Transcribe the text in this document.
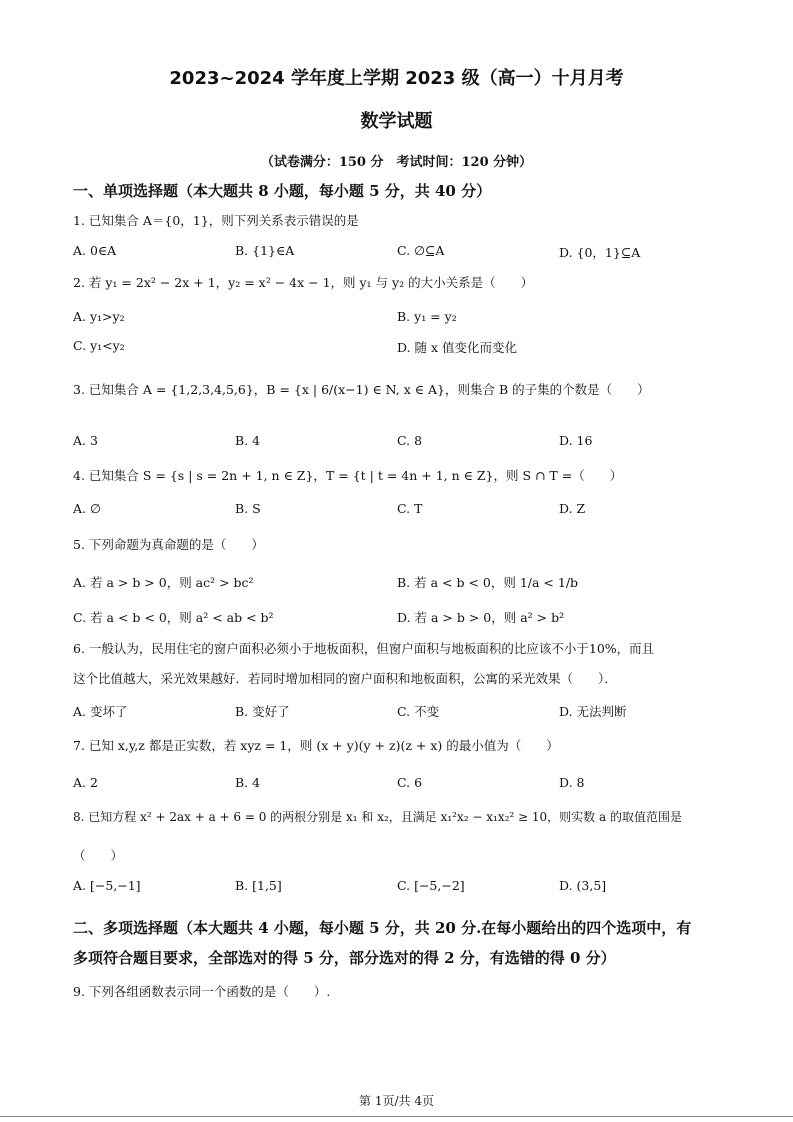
2023~2024 学年度上学期 2023 级（高一）十月月考
数学试题
（试卷满分：150 分　考试时间：120 分钟）
一、单项选择题（本大题共 8 小题，每小题 5 分，共 40 分）
1. 已知集合 A＝{0，1}，则下列关系表示错误的是
A. 0∈A	B. {1}∈A	C. ∅⊆A	D. {0，1}⊆A
2. 若 y₁ = 2x² − 2x + 1，y₂ = x² − 4x − 1，则 y₁ 与 y₂ 的大小关系是（　　）
A. y₁>y₂	B. y₁ = y₂
C. y₁<y₂	D. 随 x 值变化而变化
3. 已知集合 A = {1,2,3,4,5,6}，B = {x | 6/(x−1) ∈ N, x ∈ A}，则集合 B 的子集的个数是（　　）
A. 3	B. 4	C. 8	D. 16
4. 已知集合 S = {s | s = 2n + 1, n ∈ Z}，T = {t | t = 4n + 1, n ∈ Z}，则 S ∩ T =（　　）
A. ∅	B. S	C. T	D. Z
5. 下列命题为真命题的是（　　）
A. 若 a > b > 0，则 ac² > bc²	B. 若 a < b < 0，则 1/a < 1/b
C. 若 a < b < 0，则 a² < ab < b²	D. 若 a > b > 0，则 a² > b²
6. 一般认为，民用住宅的窗户面积必须小于地板面积，但窗户面积与地板面积的比应该不小于10%，而且
这个比值越大，采光效果越好．若同时增加相同的窗户面积和地板面积，公寓的采光效果（　　）．
A. 变坏了	B. 变好了	C. 不变	D. 无法判断
7. 已知 x,y,z 都是正实数，若 xyz = 1，则 (x + y)(y + z)(z + x) 的最小值为（　　）
A. 2	B. 4	C. 6	D. 8
8. 已知方程 x² + 2ax + a + 6 = 0 的两根分别是 x₁ 和 x₂，且满足 x₁²x₂ − x₁x₂² ≥ 10，则实数 a 的取值范围是
（　　）
A. [−5,−1]	B. [1,5]	C. [−5,−2]	D. (3,5]
二、多项选择题（本大题共 4 小题，每小题 5 分，共 20 分.在每小题给出的四个选项中，有
多项符合题目要求，全部选对的得 5 分，部分选对的得 2 分，有选错的得 0 分）
9. 下列各组函数表示同一个函数的是（　　）.
第 1页/共 4页
